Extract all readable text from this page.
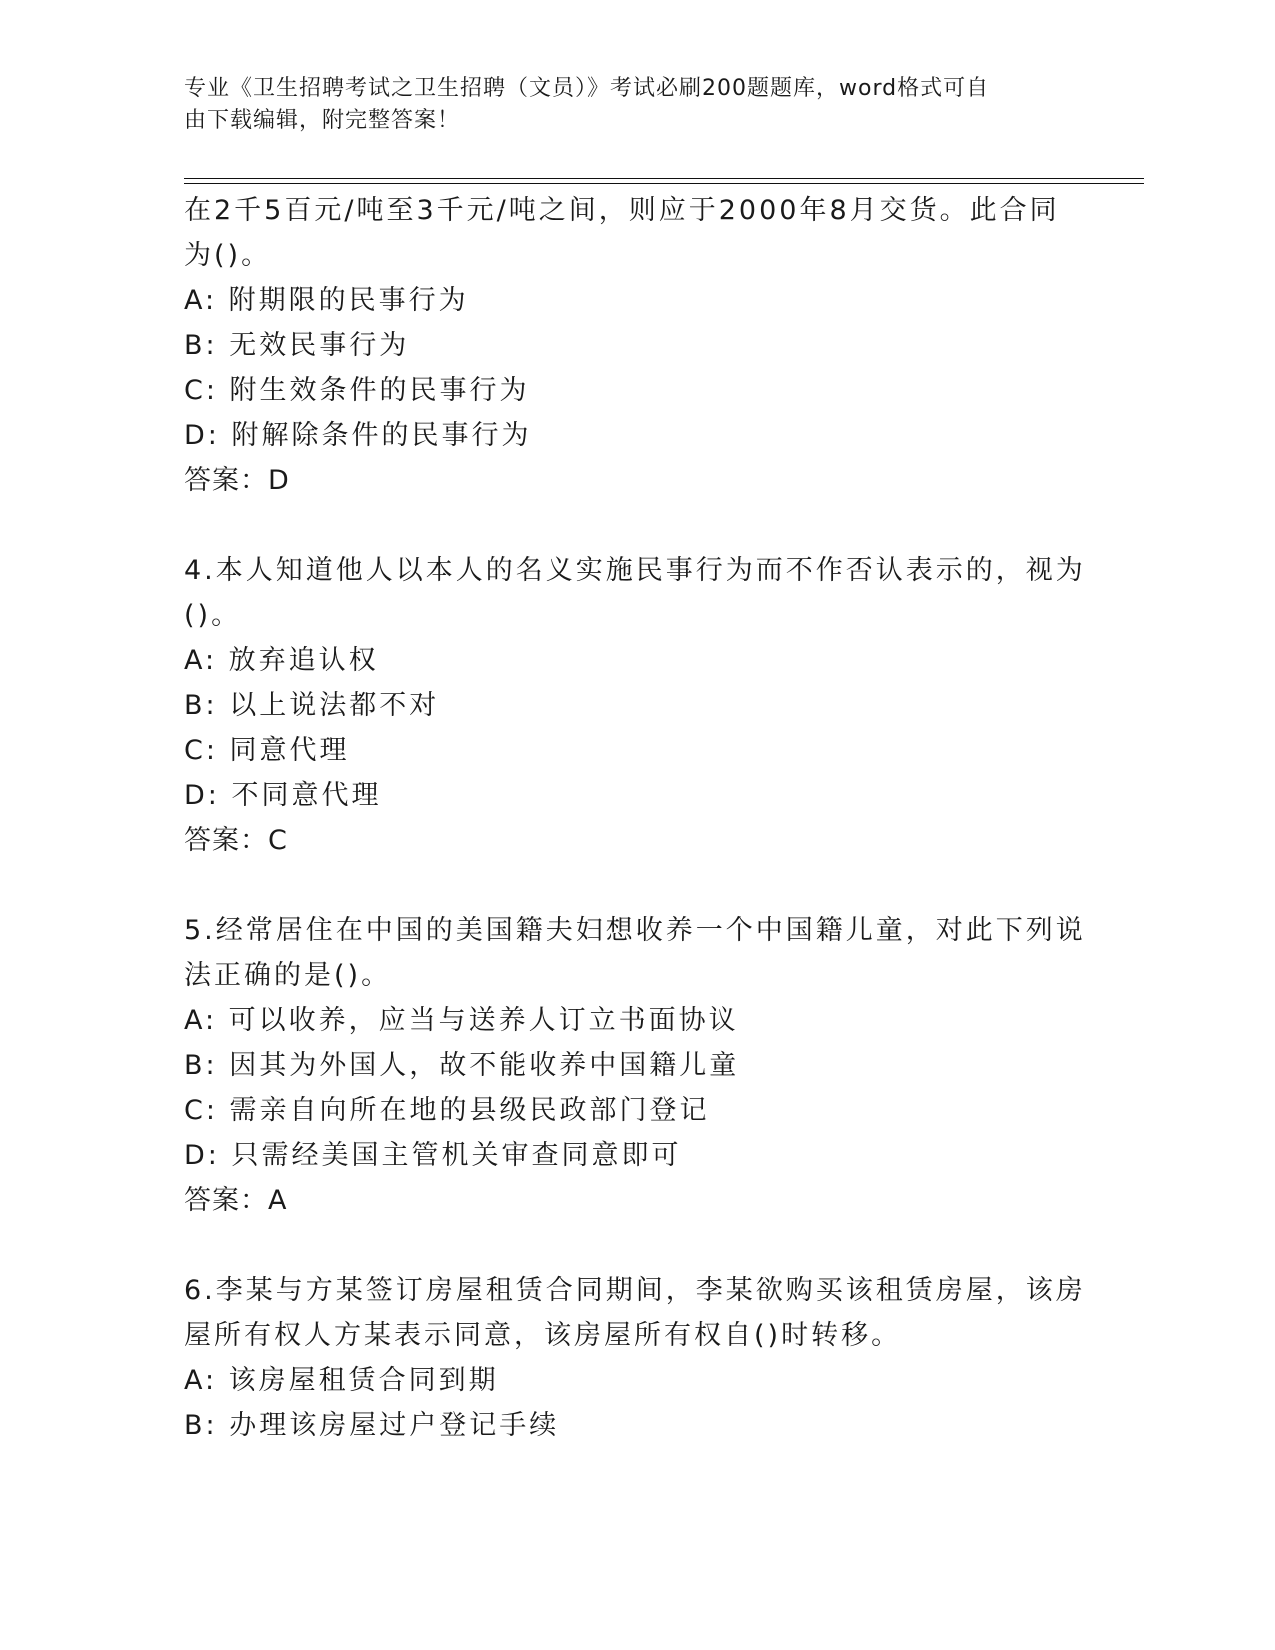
专业《卫生招聘考试之卫生招聘（文员）》考试必刷200题题库，word格式可自
由下载编辑，附完整答案！
在2千5百元/吨至3千元/吨之间，则应于2000年8月交货。此合同
为()。
A: 附期限的民事行为
B: 无效民事行为
C: 附生效条件的民事行为
D: 附解除条件的民事行为
答案：D
4.本人知道他人以本人的名义实施民事行为而不作否认表示的，视为
()。
A: 放弃追认权
B: 以上说法都不对
C: 同意代理
D: 不同意代理
答案：C
5.经常居住在中国的美国籍夫妇想收养一个中国籍儿童，对此下列说
法正确的是()。
A: 可以收养，应当与送养人订立书面协议
B: 因其为外国人，故不能收养中国籍儿童
C: 需亲自向所在地的县级民政部门登记
D: 只需经美国主管机关审查同意即可
答案：A
6.李某与方某签订房屋租赁合同期间，李某欲购买该租赁房屋，该房
屋所有权人方某表示同意，该房屋所有权自()时转移。
A: 该房屋租赁合同到期
B: 办理该房屋过户登记手续
